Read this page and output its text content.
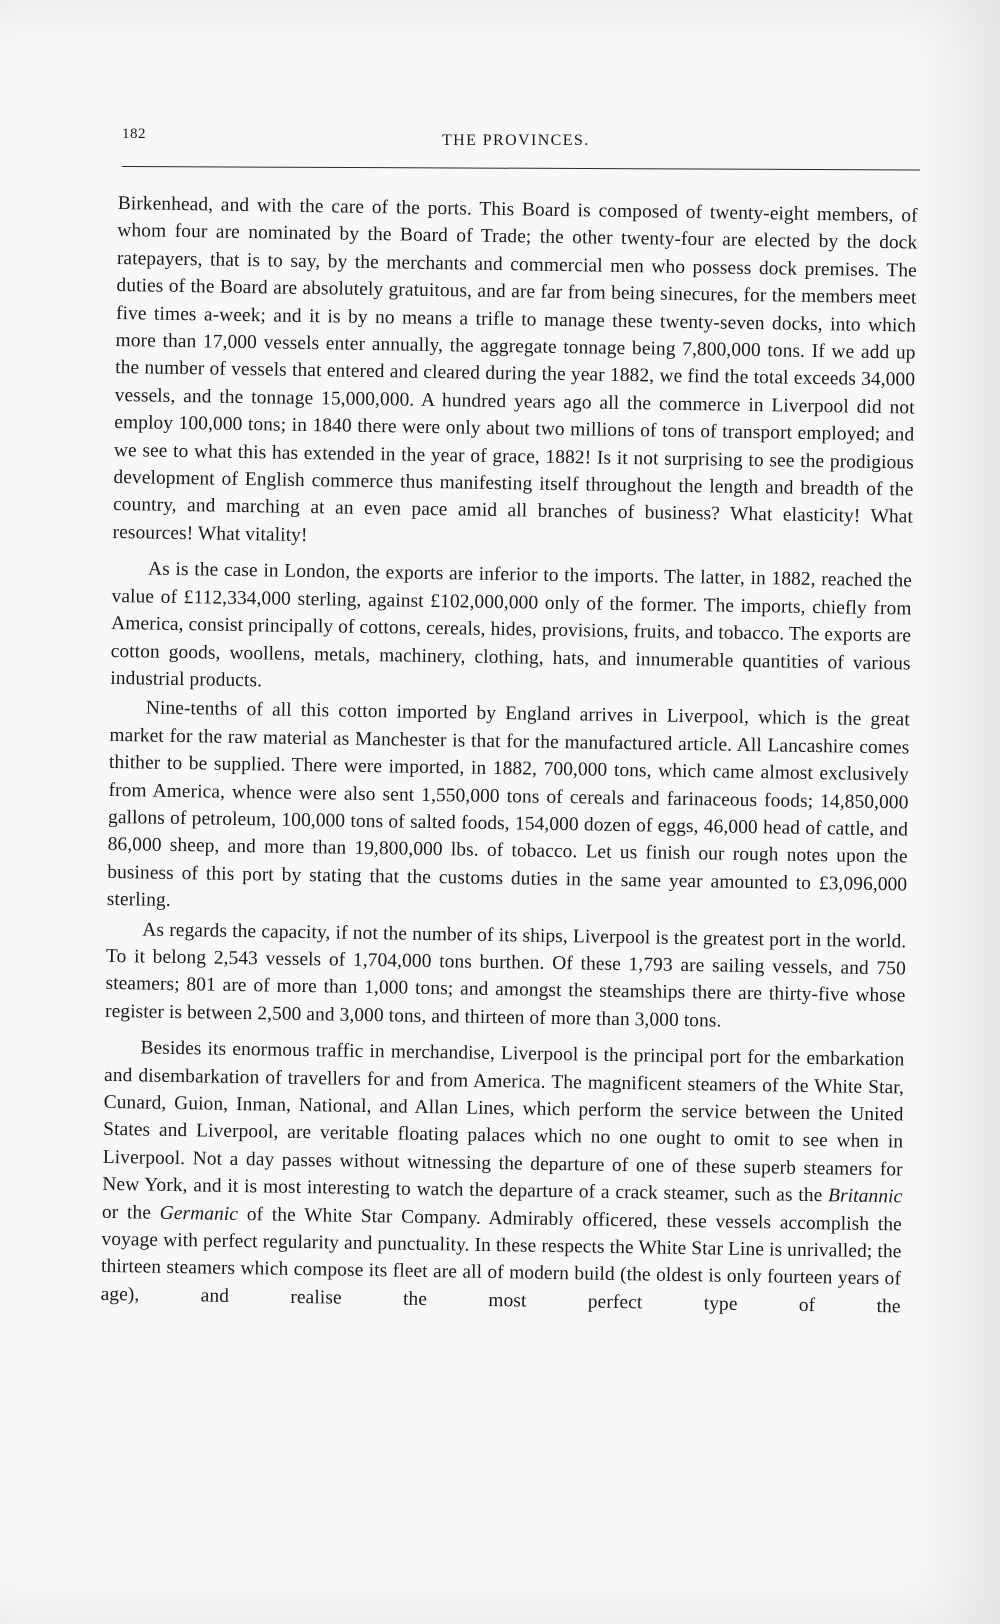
182	THE PROVINCES.

Birkenhead, and with the care of the ports. This Board is composed of twenty-eight members, of whom four are nominated by the Board of Trade; the other twenty-four are elected by the dock ratepayers, that is to say, by the merchants and commercial men who possess dock premises. The duties of the Board are absolutely gratuitous, and are far from being sinecures, for the members meet five times a-week; and it is by no means a trifle to manage these twenty-seven docks, into which more than 17,000 vessels enter annually, the aggregate tonnage being 7,800,000 tons. If we add up the number of vessels that entered and cleared during the year 1882, we find the total exceeds 34,000 vessels, and the tonnage 15,000,000. A hundred years ago all the commerce in Liverpool did not employ 100,000 tons; in 1840 there were only about two millions of tons of transport employed; and we see to what this has extended in the year of grace, 1882! Is it not surprising to see the prodigious development of English commerce thus manifesting itself throughout the length and breadth of the country, and marching at an even pace amid all branches of business? What elasticity! What resources! What vitality!

As is the case in London, the exports are inferior to the imports. The latter, in 1882, reached the value of £112,334,000 sterling, against £102,000,000 only of the former. The imports, chiefly from America, consist principally of cottons, cereals, hides, provisions, fruits, and tobacco. The exports are cotton goods, woollens, metals, machinery, clothing, hats, and innumerable quantities of various industrial products.

Nine-tenths of all this cotton imported by England arrives in Liverpool, which is the great market for the raw material as Manchester is that for the manufactured article. All Lancashire comes thither to be supplied. There were imported, in 1882, 700,000 tons, which came almost exclusively from America, whence were also sent 1,550,000 tons of cereals and farinaceous foods; 14,850,000 gallons of petroleum, 100,000 tons of salted foods, 154,000 dozen of eggs, 46,000 head of cattle, and 86,000 sheep, and more than 19,800,000 lbs. of tobacco. Let us finish our rough notes upon the business of this port by stating that the customs duties in the same year amounted to £3,096,000 sterling.

As regards the capacity, if not the number of its ships, Liverpool is the greatest port in the world. To it belong 2,543 vessels of 1,704,000 tons burthen. Of these 1,793 are sailing vessels, and 750 steamers; 801 are of more than 1,000 tons; and amongst the steamships there are thirty-five whose register is between 2,500 and 3,000 tons, and thirteen of more than 3,000 tons.

Besides its enormous traffic in merchandise, Liverpool is the principal port for the embarkation and disembarkation of travellers for and from America. The magnificent steamers of the White Star, Cunard, Guion, Inman, National, and Allan Lines, which perform the service between the United States and Liverpool, are veritable floating palaces which no one ought to omit to see when in Liverpool. Not a day passes without witnessing the departure of one of these superb steamers for New York, and it is most interesting to watch the departure of a crack steamer, such as the Britannic or the Germanic of the White Star Company. Admirably officered, these vessels accomplish the voyage with perfect regularity and punctuality. In these respects the White Star Line is unrivalled; the thirteen steamers which compose its fleet are all of modern build (the oldest is only fourteen years of age), and realise the most perfect type of the
